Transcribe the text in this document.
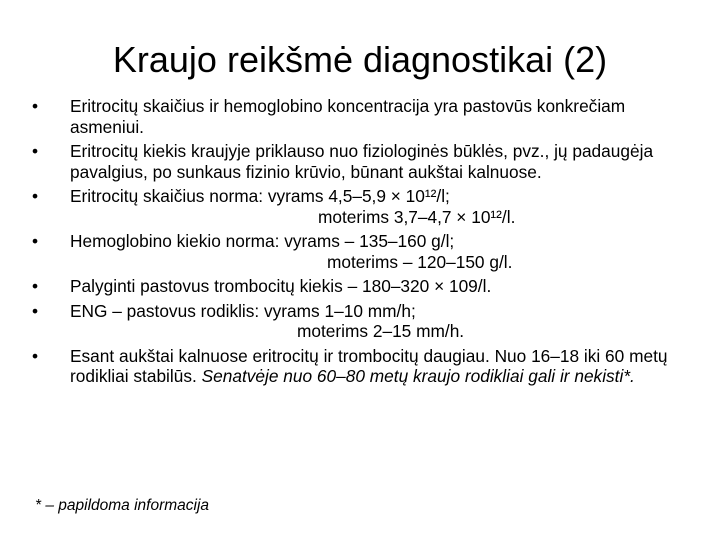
Kraujo reikšmė diagnostikai (2)
•	Eritrocitų skaičius ir hemoglobino koncentracija yra pastovūs konkrečiam asmeniui.
•	Eritrocitų kiekis kraujyje priklauso nuo fiziologinės būklės, pvz., jų padaugėja pavalgius, po sunkaus fizinio krūvio, būnant aukštai kalnuose.
•	Eritrocitų skaičius norma: vyrams 4,5–5,9 × 10¹²/l;
moterims 3,7–4,7 × 10¹²/l.
•	Hemoglobino kiekio norma: vyrams – 135–160 g/l;
moterims – 120–150 g/l.
•	Palyginti pastovus trombocitų kiekis – 180–320 × 109/l.
•	ENG – pastovus rodiklis: vyrams 1–10 mm/h;
moterims 2–15 mm/h.
•	Esant aukštai kalnuose eritrocitų ir trombocitų daugiau. Nuo 16–18 iki 60 metų rodikliai stabilūs. Senatvėje nuo 60–80 metų kraujo rodikliai gali ir nekisti*.
* – papildoma informacija
